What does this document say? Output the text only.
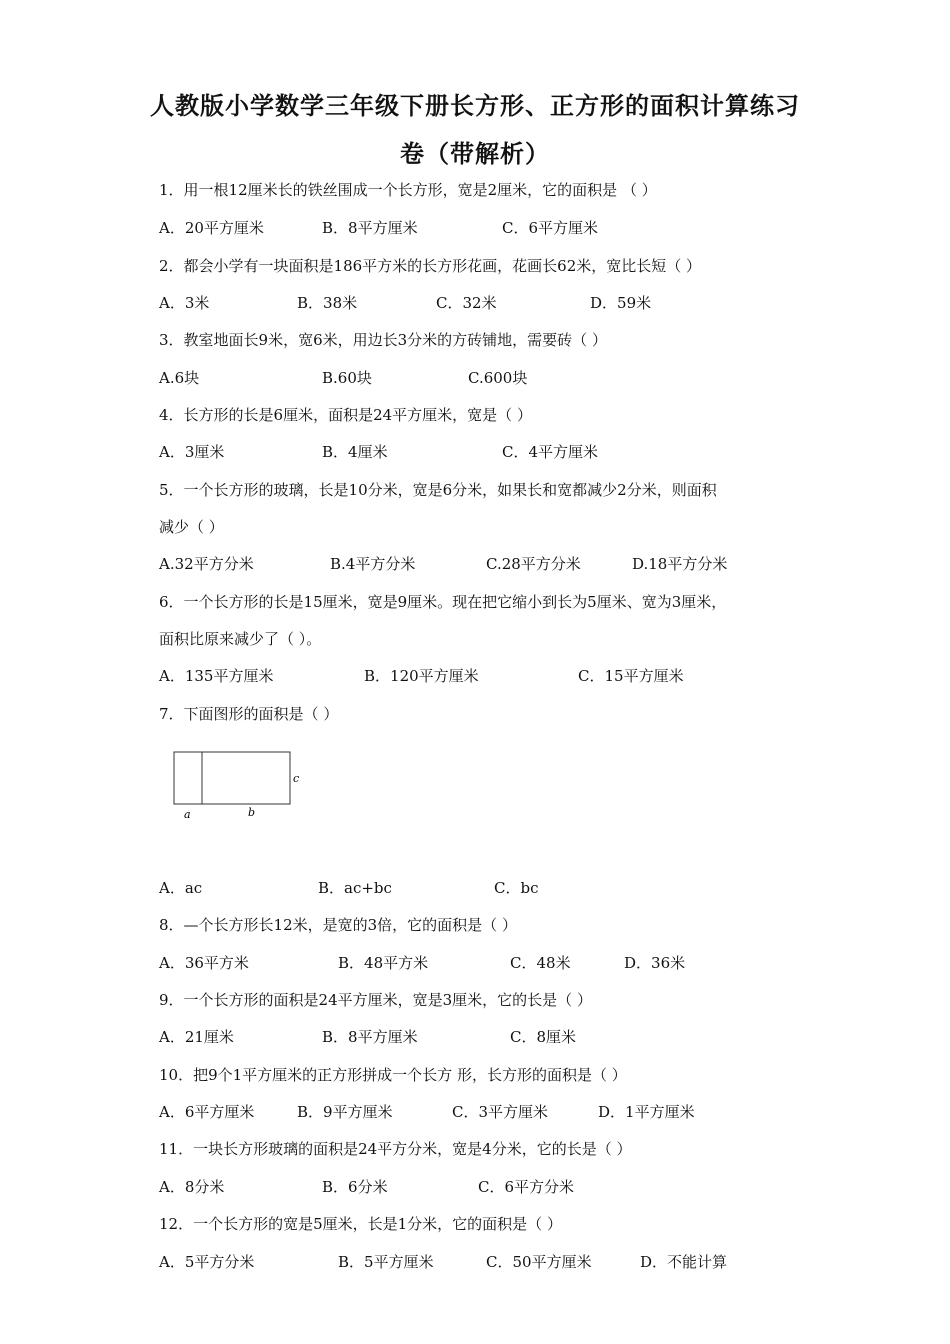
人教版小学数学三年级下册长方形、正方形的面积计算练习
卷（带解析）
1．用一根12厘米长的铁丝围成一个长方形，宽是2厘米，它的面积是 （ ）
A．20平方厘米	B．8平方厘米	C．6平方厘米
2．都会小学有一块面积是186平方米的长方形花画，花画长62米，宽比长短（ ）
A．3米	B．38米	C．32米	D．59米
3．教室地面长9米，宽6米，用边长3分米的方砖铺地，需要砖（ ）
A.6块	B.60块	C.600块
4．长方形的长是6厘米，面积是24平方厘米，宽是（ ）
A．3厘米	B．4厘米	C．4平方厘米
5．一个长方形的玻璃，长是10分米，宽是6分米，如果长和宽都减少2分米，则面积
减少（ ）
A.32平方分米	B.4平方分米	C.28平方分米	D.18平方分米
6．一个长方形的长是15厘米，宽是9厘米。现在把它缩小到长为5厘米、宽为3厘米，
面积比原来减少了（ ）。
A．135平方厘米	B．120平方厘米	C．15平方厘米
7．下面图形的面积是（ ）
a	b
c
A．ac	B．ac+bc	C．bc
8．—个长方形长12米，是宽的3倍，它的面积是（ ）
A．36平方米	B．48平方米	C．48米	D．36米
9．一个长方形的面积是24平方厘米，宽是3厘米，它的长是（ ）
A．21厘米	B．8平方厘米	C．8厘米
10．把9个1平方厘米的正方形拼成一个长方 形，长方形的面积是（ ）
A．6平方厘米	B．9平方厘米	C．3平方厘米	D．1平方厘米
11．一块长方形玻璃的面积是24平方分米，宽是4分米，它的长是（ ）
A．8分米	B．6分米	C．6平方分米
12．一个长方形的宽是5厘米，长是1分米，它的面积是（ ）
A．5平方分米	B．5平方厘米	C．50平方厘米	D．不能计算
